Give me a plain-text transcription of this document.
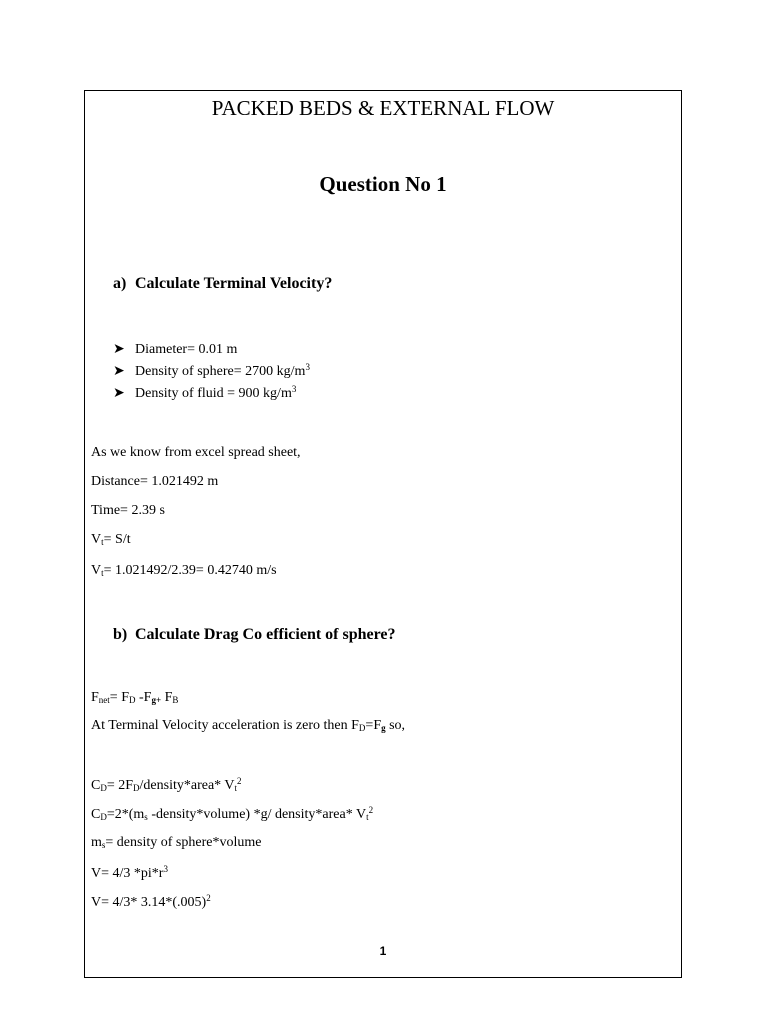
PACKED BEDS & EXTERNAL FLOW
Question No 1
a) Calculate Terminal Velocity?
➤ Diameter= 0.01 m
➤ Density of sphere= 2700 $kg/m^3$
➤ Density of fluid = 900 $kg/m^3$
As we know from excel spread sheet,
Distance= 1.021492 m
Time= 2.39 s
$V_t= S/t$
$V_t= 1.021492/2.39= 0.42740$ m/s
b) Calculate Drag Co efficient of sphere?
$F_{net}= F_D$ $-F_{g+}$ $F_B$
At Terminal Velocity acceleration is zero then $F_D=F_g$ so,
$C_D=$ $2F_D/density*area*$ $V_t^2$
$C_D=2*(m_s$ -density*volume) *g/ density*area* $V_t^2$
$m_s=$ density of sphere*volume
V= 4/3 $*pi*r^3$
V= 4/3* $3.14*(.005)^2$
1
